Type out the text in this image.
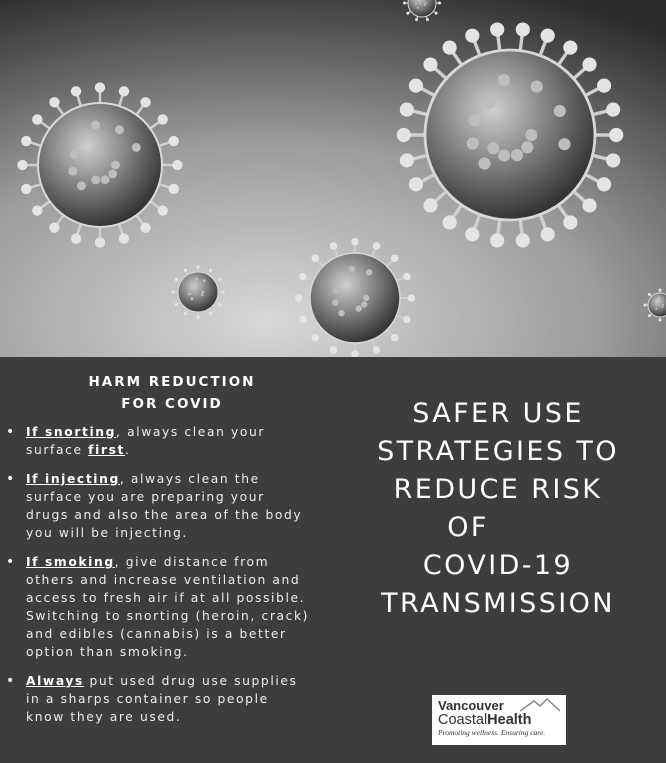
HARM REDUCTION
FOR COVID
• If snorting, always clean your surface first.
• If injecting, always clean the surface you are preparing your drugs and also the area of the body you will be injecting.
• If smoking, give distance from others and increase ventilation and access to fresh air if at all possible. Switching to snorting (heroin, crack) and edibles (cannabis) is a better option than smoking.
• Always put used drug use supplies in a sharps container so people know they are used.
SAFER USE
STRATEGIES TO
REDUCE RISK
OF
COVID-19
TRANSMISSION
Vancouver
CoastalHealth
Promoting wellness. Ensuring care.
